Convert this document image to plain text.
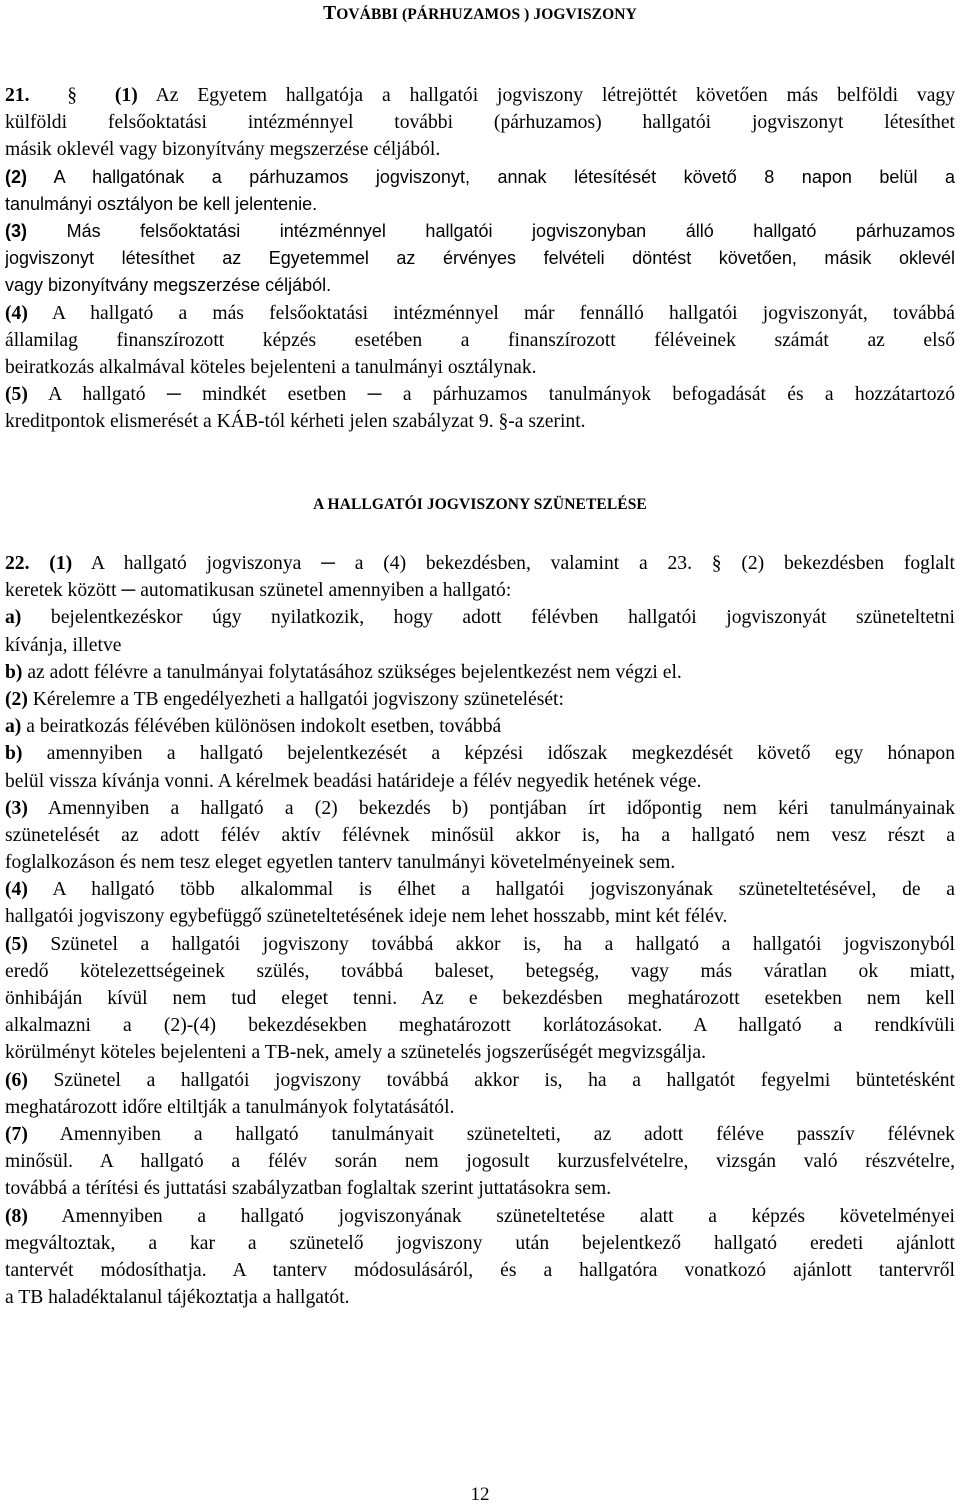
TOVÁBBI (PÁRHUZAMOS ) JOGVISZONY
21.  §  (1) Az Egyetem hallgatója a hallgatói jogviszony létrejöttét követően más belföldi vagy
külföldi felsőoktatási intézménnyel további (párhuzamos) hallgatói jogviszonyt létesíthet
másik oklevél vagy bizonyítvány megszerzése céljából.
(2) A hallgatónak a párhuzamos jogviszonyt, annak létesítését követő 8 napon belül a
tanulmányi osztályon be kell jelentenie.
(3) Más felsőoktatási intézménnyel hallgatói jogviszonyban álló hallgató párhuzamos
jogviszonyt létesíthet az Egyetemmel az érvényes felvételi döntést követően, másik oklevél
vagy bizonyítvány megszerzése céljából.
(4) A hallgató a más felsőoktatási intézménnyel már fennálló hallgatói jogviszonyát, továbbá
államilag finanszírozott képzés esetében a finanszírozott féléveinek számát az első
beiratkozás alkalmával köteles bejelenteni a tanulmányi osztálynak.
(5) A hallgató ─ mindkét esetben ─ a párhuzamos tanulmányok befogadását és a hozzátartozó
kreditpontok elismerését a KÁB-tól kérheti jelen szabályzat 9. §-a szerint.
A HALLGATÓI JOGVISZONY SZÜNETELÉSE
22. (1) A hallgató jogviszonya ─ a (4) bekezdésben, valamint a 23. § (2) bekezdésben foglalt
keretek között ─ automatikusan szünetel amennyiben a hallgató:
a) bejelentkezéskor úgy nyilatkozik, hogy adott félévben hallgatói jogviszonyát szüneteltetni
kívánja, illetve
b) az adott félévre a tanulmányai folytatásához szükséges bejelentkezést nem végzi el.
(2) Kérelemre a TB engedélyezheti a hallgatói jogviszony szünetelését:
a) a beiratkozás félévében különösen indokolt esetben, továbbá
b) amennyiben a hallgató bejelentkezését a képzési időszak megkezdését követő egy hónapon
belül vissza kívánja vonni. A kérelmek beadási határideje a félév negyedik hetének vége.
(3) Amennyiben a hallgató a (2) bekezdés b) pontjában írt időpontig nem kéri tanulmányainak
szünetelését az adott félév aktív félévnek minősül akkor is, ha a hallgató nem vesz részt a
foglalkozáson és nem tesz eleget egyetlen tanterv tanulmányi követelményeinek sem.
(4) A hallgató több alkalommal is élhet a hallgatói jogviszonyának szüneteltetésével, de a
hallgatói jogviszony egybefüggő szüneteltetésének ideje nem lehet hosszabb, mint két félév.
(5) Szünetel a hallgatói jogviszony továbbá akkor is, ha a hallgató a hallgatói jogviszonyból
eredő kötelezettségeinek szülés, továbbá baleset, betegség, vagy más váratlan ok miatt,
önhibáján kívül nem tud eleget tenni. Az e bekezdésben meghatározott esetekben nem kell
alkalmazni a (2)-(4) bekezdésekben meghatározott korlátozásokat. A hallgató a rendkívüli
körülményt köteles bejelenteni a TB-nek, amely a szünetelés jogszerűségét megvizsgálja.
(6) Szünetel a hallgatói jogviszony továbbá akkor is, ha a hallgatót fegyelmi büntetésként
meghatározott időre eltiltják a tanulmányok folytatásától.
(7) Amennyiben a hallgató tanulmányait szünetelteti, az adott féléve passzív félévnek
minősül. A hallgató a félév során nem jogosult kurzusfelvételre, vizsgán való részvételre,
továbbá a térítési és juttatási szabályzatban foglaltak szerint juttatásokra sem.
(8) Amennyiben a hallgató jogviszonyának szüneteltetése alatt a képzés követelményei
megváltoztak, a kar a szünetelő jogviszony után bejelentkező hallgató eredeti ajánlott
tantervét módosíthatja. A tanterv módosulásáról, és a hallgatóra vonatkozó ajánlott tantervről
a TB haladéktalanul tájékoztatja a hallgatót.
12
